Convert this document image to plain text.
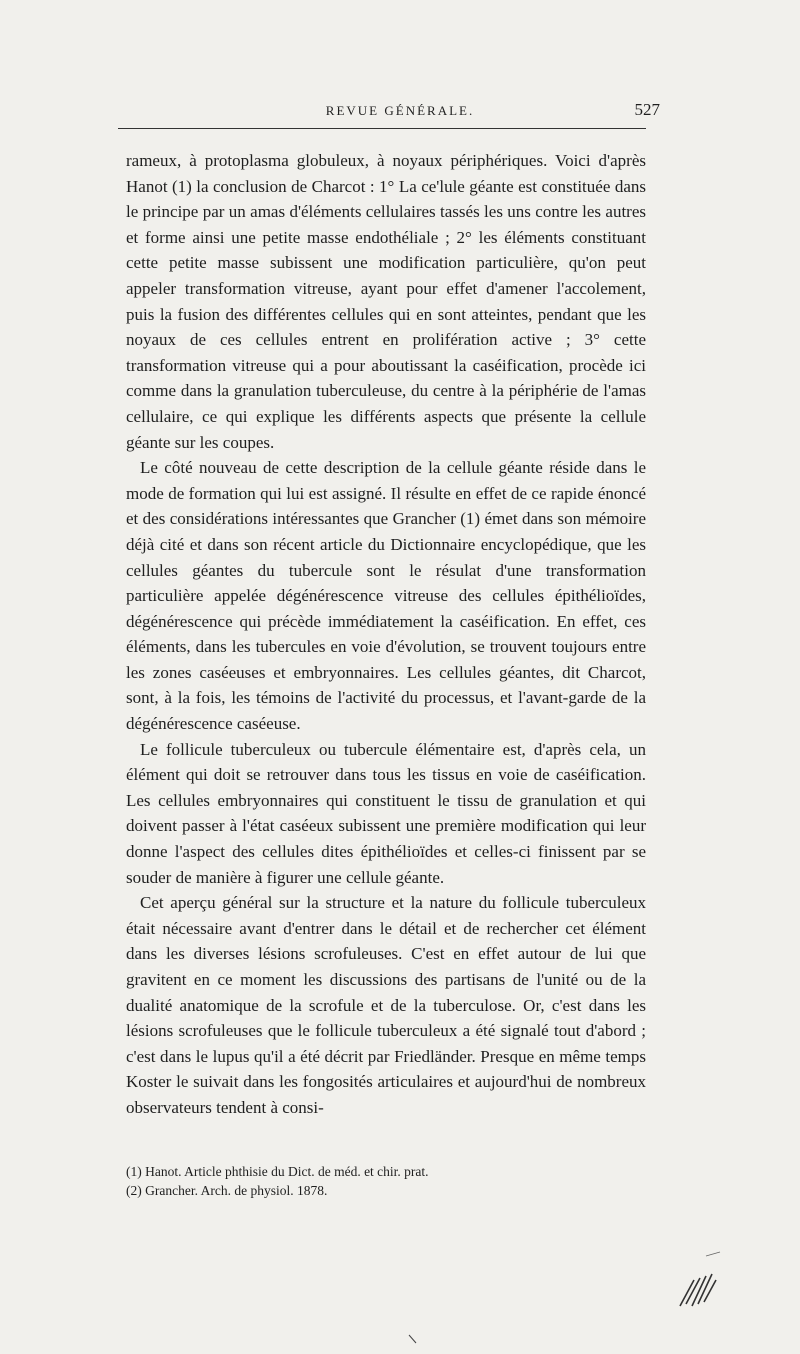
REVUE GÉNÉRALE.	527

rameux, à protoplasma globuleux, à noyaux périphériques. Voici d'après Hanot (1) la conclusion de Charcot : 1° La ce'lule géante est constituée dans le principe par un amas d'éléments cellulaires tassés les uns contre les autres et forme ainsi une petite masse endothéliale ; 2° les éléments constituant cette petite masse subissent une modification particulière, qu'on peut appeler transformation vitreuse, ayant pour effet d'amener l'accolement, puis la fusion des différentes cellules qui en sont atteintes, pendant que les noyaux de ces cellules entrent en prolifération active ; 3° cette transformation vitreuse qui a pour aboutissant la caséification, procède ici comme dans la granulation tuberculeuse, du centre à la périphérie de l'amas cellulaire, ce qui explique les différents aspects que présente la cellule géante sur les coupes.

Le côté nouveau de cette description de la cellule géante réside dans le mode de formation qui lui est assigné. Il résulte en effet de ce rapide énoncé et des considérations intéressantes que Grancher (1) émet dans son mémoire déjà cité et dans son récent article du Dictionnaire encyclopédique, que les cellules géantes du tubercule sont le résulat d'une transformation particulière appelée dégénérescence vitreuse des cellules épithélioïdes, dégénérescence qui précède immédiatement la caséification. En effet, ces éléments, dans les tubercules en voie d'évolution, se trouvent toujours entre les zones caséeuses et embryonnaires. Les cellules géantes, dit Charcot, sont, à la fois, les témoins de l'activité du processus, et l'avant-garde de la dégénérescence caséeuse.

Le follicule tuberculeux ou tubercule élémentaire est, d'après cela, un élément qui doit se retrouver dans tous les tissus en voie de caséification. Les cellules embryonnaires qui constituent le tissu de granulation et qui doivent passer à l'état caséeux subissent une première modification qui leur donne l'aspect des cellules dites épithélioïdes et celles-ci finissent par se souder de manière à figurer une cellule géante.

Cet aperçu général sur la structure et la nature du follicule tuberculeux était nécessaire avant d'entrer dans le détail et de rechercher cet élément dans les diverses lésions scrofuleuses. C'est en effet autour de lui que gravitent en ce moment les discussions des partisans de l'unité ou de la dualité anatomique de la scrofule et de la tuberculose. Or, c'est dans les lésions scrofuleuses que le follicule tuberculeux a été signalé tout d'abord ; c'est dans le lupus qu'il a été décrit par Friedländer. Presque en même temps Koster le suivait dans les fongosités articulaires et aujourd'hui de nombreux observateurs tendent à consi-

(1) Hanot. Article phthisie du Dict. de méd. et chir. prat.
(2) Grancher. Arch. de physiol. 1878.
